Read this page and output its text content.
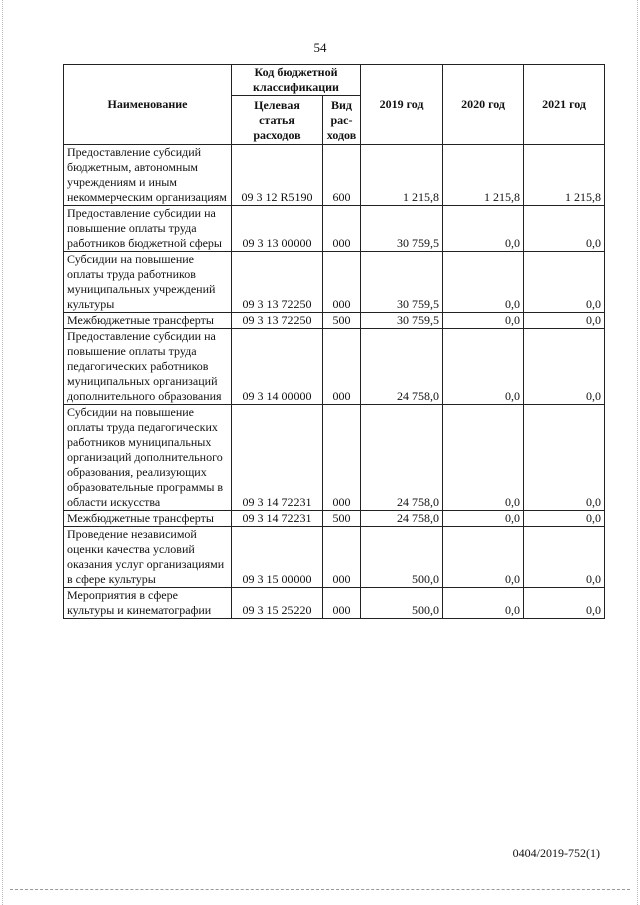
54
Наименование	Код бюджетной классификации		2019 год	2020 год	2021 год
	Целевая статья расходов	Вид рас-ходов			
Предоставление субсидий бюджетным, автономным учреждениям и иным некоммерческим организациям	09 3 12 R5190	600	1 215,8	1 215,8	1 215,8
Предоставление субсидии на повышение оплаты труда работников бюджетной сферы	09 3 13 00000	000	30 759,5	0,0	0,0
Субсидии на повышение оплаты труда работников муниципальных учреждений культуры	09 3 13 72250	000	30 759,5	0,0	0,0
Межбюджетные трансферты	09 3 13 72250	500	30 759,5	0,0	0,0
Предоставление субсидии на повышение оплаты труда педагогических работников муниципальных организаций дополнительного образования	09 3 14 00000	000	24 758,0	0,0	0,0
Субсидии на повышение оплаты труда педагогических работников муниципальных организаций дополнительного образования, реализующих образовательные программы в области искусства	09 3 14 72231	000	24 758,0	0,0	0,0
Межбюджетные трансферты	09 3 14 72231	500	24 758,0	0,0	0,0
Проведение независимой оценки качества условий оказания услуг организациями в сфере культуры	09 3 15 00000	000	500,0	0,0	0,0
Мероприятия в сфере культуры и кинематографии	09 3 15 25220	000	500,0	0,0	0,0
0404/2019-752(1)
